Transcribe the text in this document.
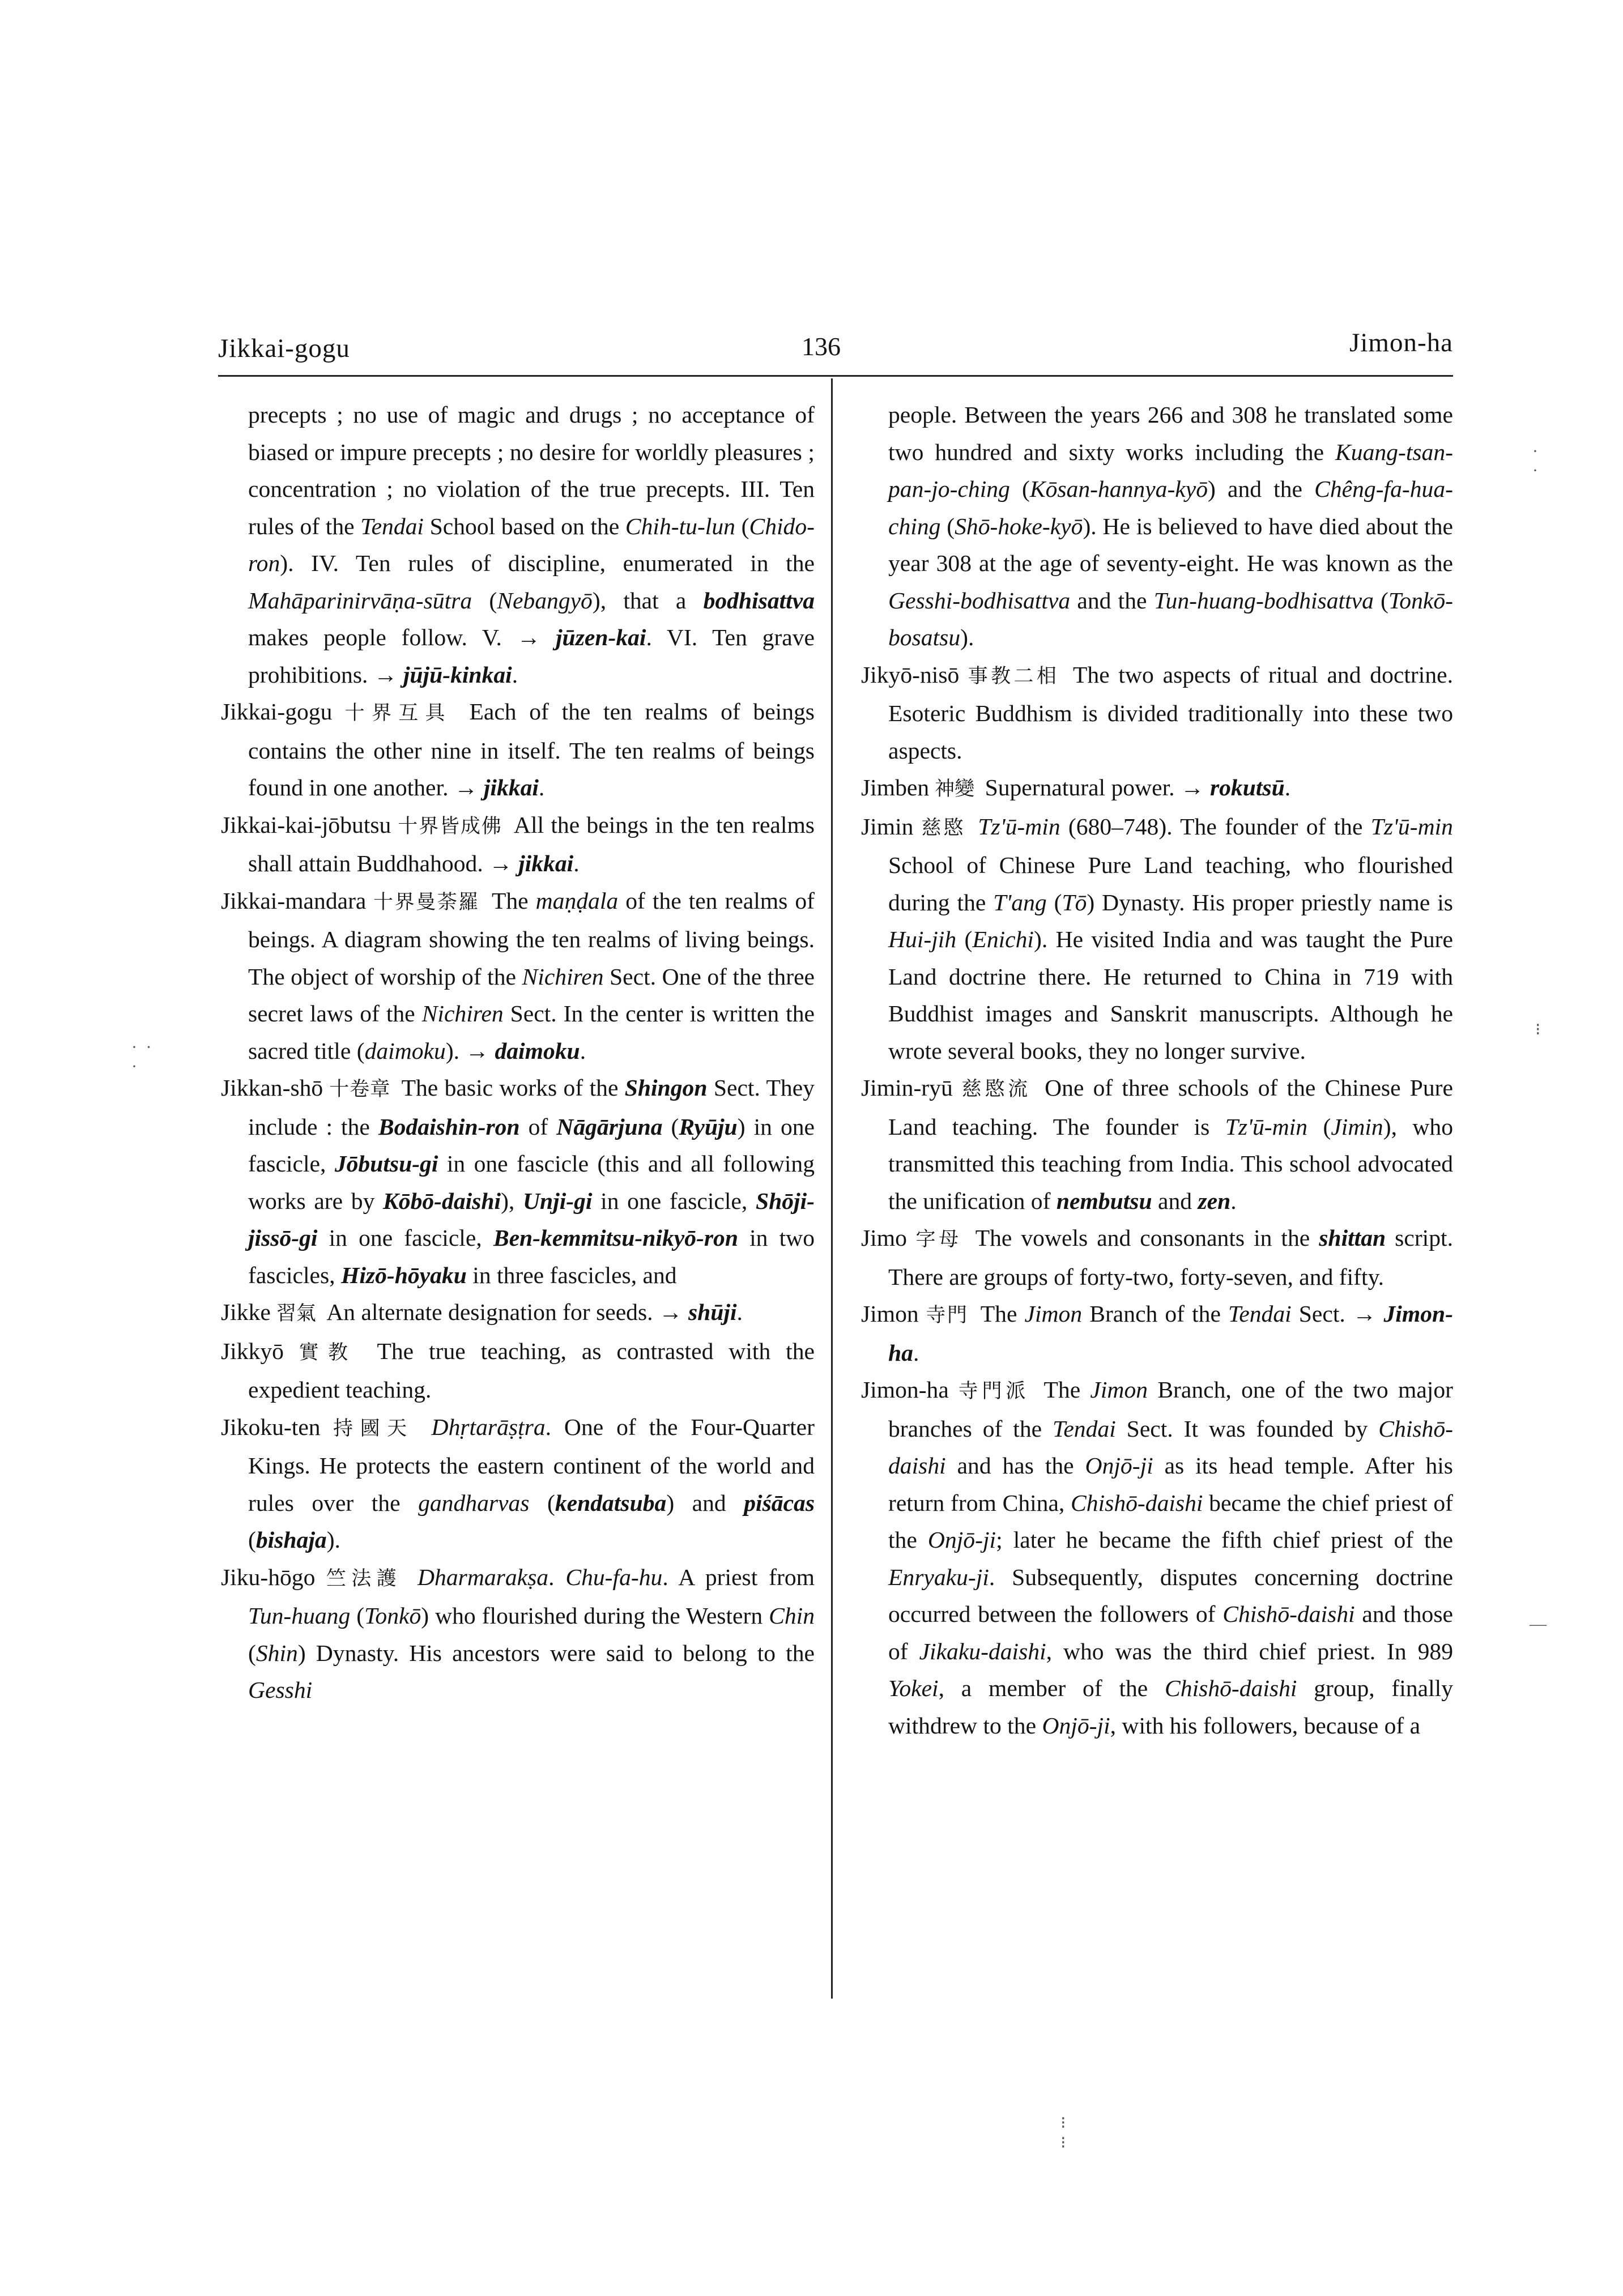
Jikkai-gogu	136	Jimon-ha

precepts ; no use of magic and drugs ; no acceptance of biased or impure precepts ; no desire for worldly pleasures ; concentration ; no violation of the true precepts. III. Ten rules of the Tendai School based on the Chih-tu-lun (Chido-ron). IV. Ten rules of discipline, enumerated in the Mahāparinirvāṇa-sūtra (Nebangyō), that a bodhisattva makes people follow. V. → jūzen-kai. VI. Ten grave prohibitions. → jūjū-kinkai.

Jikkai-gogu 十界互具 Each of the ten realms of beings contains the other nine in itself. The ten realms of beings found in one another. → jikkai.

Jikkai-kai-jōbutsu 十界皆成佛 All the beings in the ten realms shall attain Buddhahood. → jikkai.

Jikkai-mandara 十界曼荼羅 The maṇḍala of the ten realms of beings. A diagram showing the ten realms of living beings. The object of worship of the Nichiren Sect. One of the three secret laws of the Nichiren Sect. In the center is written the sacred title (daimoku). → daimoku.

Jikkan-shō 十卷章 The basic works of the Shingon Sect. They include : the Bodaishin-ron of Nāgārjuna (Ryūju) in one fascicle, Jōbutsu-gi in one fascicle (this and all following works are by Kōbō-daishi), Unji-gi in one fascicle, Shōji-jissō-gi in one fascicle, Ben-kemmitsu-nikyō-ron in two fascicles, Hizō-hōyaku in three fascicles, and

Jikke 習氣 An alternate designation for seeds. → shūji.

Jikkyō 實教 The true teaching, as contrasted with the expedient teaching.

Jikoku-ten 持國天 Dhṛtarāṣṭra. One of the Four-Quarter Kings. He protects the eastern continent of the world and rules over the gandharvas (kendatsuba) and piśācas (bishaja).

Jiku-hōgo 竺法護 Dharmarakṣa. Chu-fa-hu. A priest from Tun-huang (Tonkō) who flourished during the Western Chin (Shin) Dynasty. His ancestors were said to belong to the Gesshi

people. Between the years 266 and 308 he translated some two hundred and sixty works including the Kuang-tsan-pan-jo-ching (Kōsan-hannya-kyō) and the Chêng-fa-hua-ching (Shō-hoke-kyō). He is believed to have died about the year 308 at the age of seventy-eight. He was known as the Gesshi-bodhisattva and the Tun-huang-bodhisattva (Tonkō-bosatsu).

Jikyō-nisō 事教二相 The two aspects of ritual and doctrine. Esoteric Buddhism is divided traditionally into these two aspects.

Jimben 神變 Supernatural power. → rokutsū.

Jimin 慈愍 Tz'ū-min (680–748). The founder of the Tz'ū-min School of Chinese Pure Land teaching, who flourished during the T'ang (Tō) Dynasty. His proper priestly name is Hui-jih (Enichi). He visited India and was taught the Pure Land doctrine there. He returned to China in 719 with Buddhist images and Sanskrit manuscripts. Although he wrote several books, they no longer survive.

Jimin-ryū 慈愍流 One of three schools of the Chinese Pure Land teaching. The founder is Tz'ū-min (Jimin), who transmitted this teaching from India. This school advocated the unification of nembutsu and zen.

Jimo 字母 The vowels and consonants in the shittan script. There are groups of forty-two, forty-seven, and fifty.

Jimon 寺門 The Jimon Branch of the Tendai Sect. → Jimon-ha.

Jimon-ha 寺門派 The Jimon Branch, one of the two major branches of the Tendai Sect. It was founded by Chishō-daishi and has the Onjō-ji as its head temple. After his return from China, Chishō-daishi became the chief priest of the Onjō-ji; later he became the fifth chief priest of the Enryaku-ji. Subsequently, disputes concerning doctrine occurred between the followers of Chishō-daishi and those of Jikaku-daishi, who was the third chief priest. In 989 Yokei, a member of the Chishō-daishi group, finally withdrew to the Onjō-ji, with his followers, because of a

· ·
·
·
·
⁝
—
⁝
⁝
